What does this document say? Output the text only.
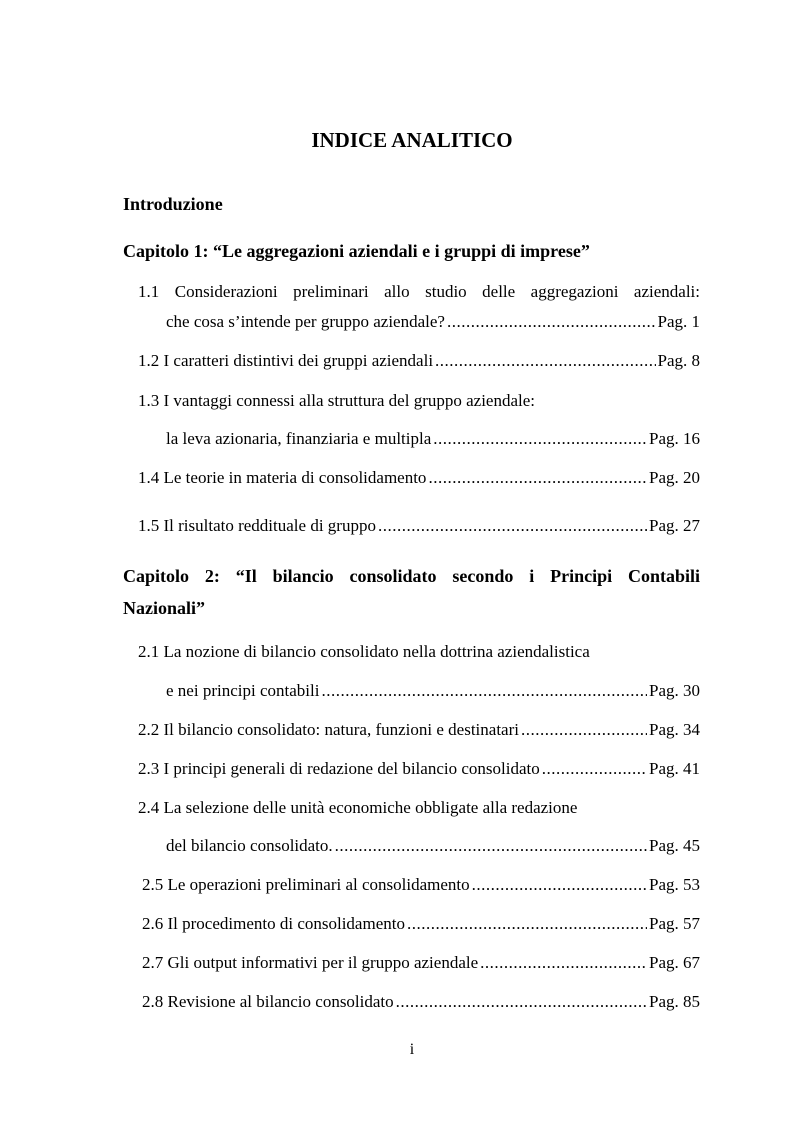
INDICE ANALITICO
Introduzione
Capitolo 1: “Le aggregazioni aziendali e i gruppi di imprese”
1.1 Considerazioni preliminari allo studio delle aggregazioni aziendali:
che cosa s’intende per gruppo aziendale? .....	Pag. 1
1.2 I caratteri distintivi dei gruppi aziendali .....	Pag. 8
1.3 I vantaggi connessi alla struttura del gruppo aziendale:
la leva azionaria, finanziaria e multipla .....	Pag. 16
1.4 Le teorie in materia di consolidamento .....	Pag. 20
1.5 Il risultato reddituale di gruppo .....	Pag. 27
Capitolo 2: “Il bilancio consolidato secondo i Principi Contabili
Nazionali”
2.1 La nozione di bilancio consolidato nella dottrina aziendalistica
e nei principi contabili .....	Pag. 30
2.2 Il bilancio consolidato: natura, funzioni e destinatari .....	Pag. 34
2.3 I principi generali di redazione del bilancio consolidato .....	Pag. 41
2.4 La selezione delle unità economiche obbligate alla redazione
del bilancio consolidato. .....	Pag. 45
2.5 Le operazioni preliminari al consolidamento .....	Pag. 53
2.6 Il procedimento di consolidamento .....	Pag. 57
2.7 Gli output informativi per il gruppo aziendale .....	Pag. 67
2.8 Revisione al bilancio consolidato .....	Pag. 85
i
